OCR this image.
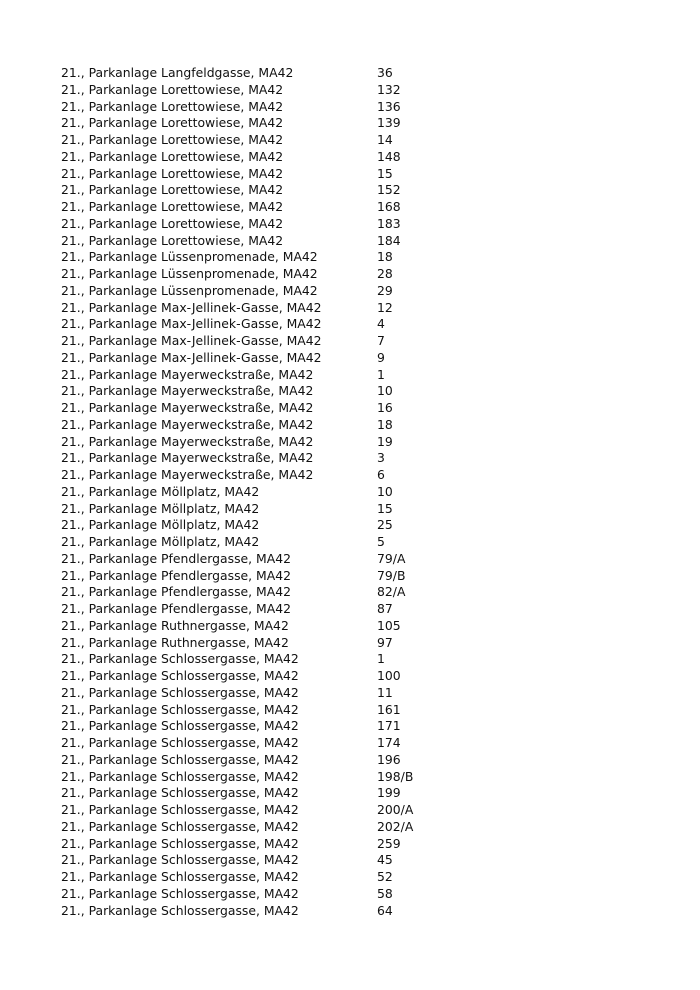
21., Parkanlage Langfeldgasse, MA42	36
21., Parkanlage Lorettowiese, MA42	132
21., Parkanlage Lorettowiese, MA42	136
21., Parkanlage Lorettowiese, MA42	139
21., Parkanlage Lorettowiese, MA42	14
21., Parkanlage Lorettowiese, MA42	148
21., Parkanlage Lorettowiese, MA42	15
21., Parkanlage Lorettowiese, MA42	152
21., Parkanlage Lorettowiese, MA42	168
21., Parkanlage Lorettowiese, MA42	183
21., Parkanlage Lorettowiese, MA42	184
21., Parkanlage Lüssenpromenade, MA42	18
21., Parkanlage Lüssenpromenade, MA42	28
21., Parkanlage Lüssenpromenade, MA42	29
21., Parkanlage Max-Jellinek-Gasse, MA42	12
21., Parkanlage Max-Jellinek-Gasse, MA42	4
21., Parkanlage Max-Jellinek-Gasse, MA42	7
21., Parkanlage Max-Jellinek-Gasse, MA42	9
21., Parkanlage Mayerweckstraße, MA42	1
21., Parkanlage Mayerweckstraße, MA42	10
21., Parkanlage Mayerweckstraße, MA42	16
21., Parkanlage Mayerweckstraße, MA42	18
21., Parkanlage Mayerweckstraße, MA42	19
21., Parkanlage Mayerweckstraße, MA42	3
21., Parkanlage Mayerweckstraße, MA42	6
21., Parkanlage Möllplatz, MA42	10
21., Parkanlage Möllplatz, MA42	15
21., Parkanlage Möllplatz, MA42	25
21., Parkanlage Möllplatz, MA42	5
21., Parkanlage Pfendlergasse, MA42	79/A
21., Parkanlage Pfendlergasse, MA42	79/B
21., Parkanlage Pfendlergasse, MA42	82/A
21., Parkanlage Pfendlergasse, MA42	87
21., Parkanlage Ruthnergasse, MA42	105
21., Parkanlage Ruthnergasse, MA42	97
21., Parkanlage Schlossergasse, MA42	1
21., Parkanlage Schlossergasse, MA42	100
21., Parkanlage Schlossergasse, MA42	11
21., Parkanlage Schlossergasse, MA42	161
21., Parkanlage Schlossergasse, MA42	171
21., Parkanlage Schlossergasse, MA42	174
21., Parkanlage Schlossergasse, MA42	196
21., Parkanlage Schlossergasse, MA42	198/B
21., Parkanlage Schlossergasse, MA42	199
21., Parkanlage Schlossergasse, MA42	200/A
21., Parkanlage Schlossergasse, MA42	202/A
21., Parkanlage Schlossergasse, MA42	259
21., Parkanlage Schlossergasse, MA42	45
21., Parkanlage Schlossergasse, MA42	52
21., Parkanlage Schlossergasse, MA42	58
21., Parkanlage Schlossergasse, MA42	64
